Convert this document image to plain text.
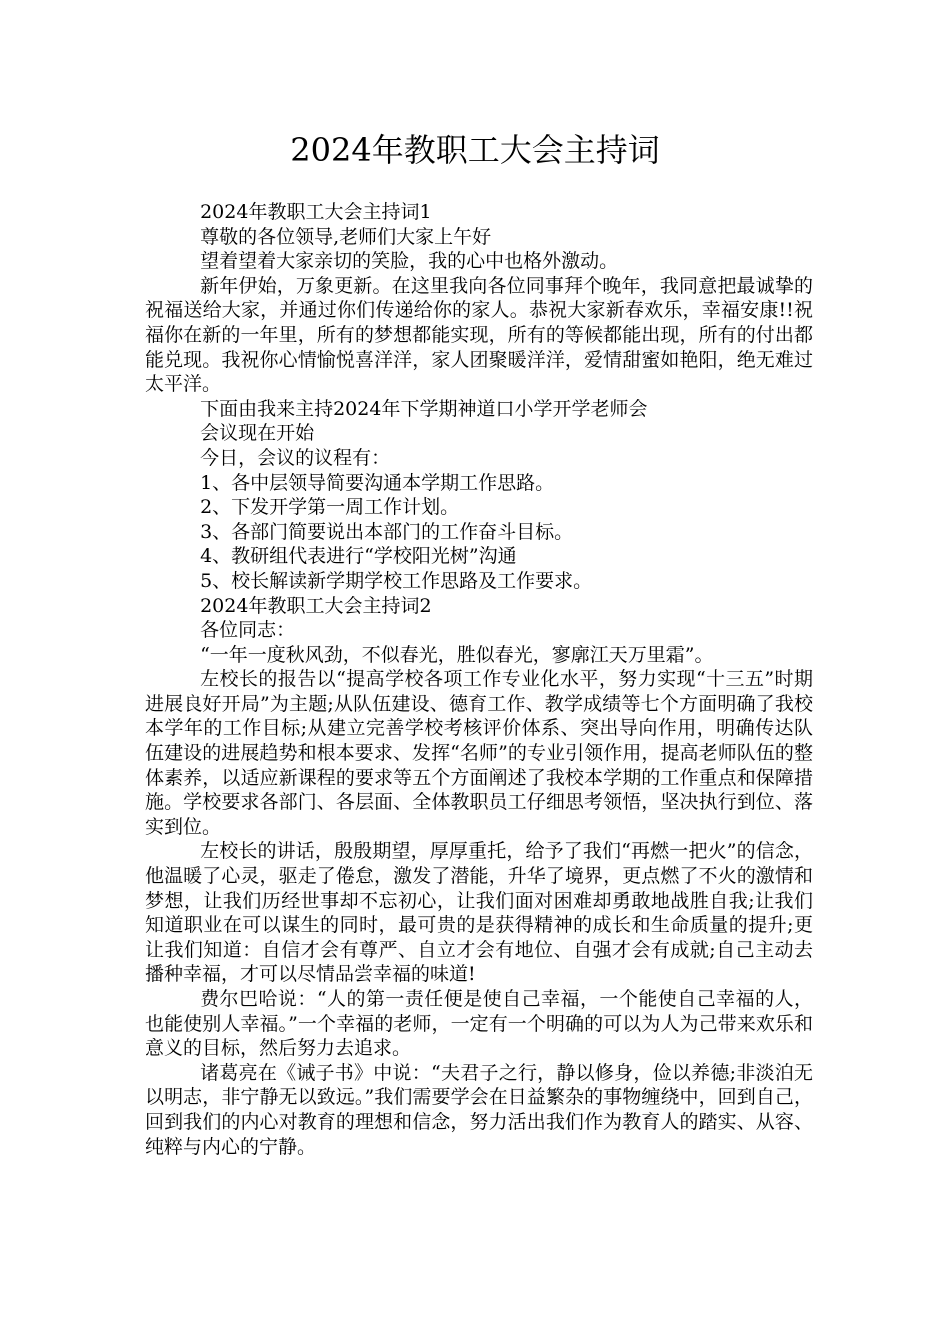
2024年教职工大会主持词

2024年教职工大会主持词1

尊敬的各位领导,老师们大家上午好

望着望着大家亲切的笑脸，我的心中也格外激动。

新年伊始，万象更新。在这里我向各位同事拜个晚年，我同意把最诚挚的祝福送给大家，并通过你们传递给你的家人。恭祝大家新春欢乐，幸福安康!!祝福你在新的一年里，所有的梦想都能实现，所有的等候都能出现，所有的付出都能兑现。我祝你心情愉悦喜洋洋，家人团聚暖洋洋，爱情甜蜜如艳阳，绝无难过太平洋。

下面由我来主持2024年下学期神道口小学开学老师会

会议现在开始

今日，会议的议程有：

1、各中层领导简要沟通本学期工作思路。

2、下发开学第一周工作计划。

3、各部门简要说出本部门的工作奋斗目标。

4、教研组代表进行“学校阳光树”沟通

5、校长解读新学期学校工作思路及工作要求。

2024年教职工大会主持词2

各位同志：

“一年一度秋风劲，不似春光，胜似春光，寥廓江天万里霜”。

左校长的报告以“提高学校各项工作专业化水平，努力实现“十三五”时期进展良好开局”为主题;从队伍建设、德育工作、教学成绩等七个方面明确了我校本学年的工作目标;从建立完善学校考核评价体系、突出导向作用，明确传达队伍建设的进展趋势和根本要求、发挥“名师”的专业引领作用，提高老师队伍的整体素养，以适应新课程的要求等五个方面阐述了我校本学期的工作重点和保障措施。学校要求各部门、各层面、全体教职员工仔细思考领悟，坚决执行到位、落实到位。

左校长的讲话，殷殷期望，厚厚重托，给予了我们“再燃一把火”的信念，他温暖了心灵，驱走了倦怠，激发了潜能，升华了境界，更点燃了不火的激情和梦想，让我们历经世事却不忘初心，让我们面对困难却勇敢地战胜自我;让我们知道职业在可以谋生的同时，最可贵的是获得精神的成长和生命质量的提升;更让我们知道：自信才会有尊严、自立才会有地位、自强才会有成就;自己主动去播种幸福，才可以尽情品尝幸福的味道!

费尔巴哈说：“人的第一责任便是使自己幸福，一个能使自己幸福的人，也能使别人幸福。”一个幸福的老师，一定有一个明确的可以为人为己带来欢乐和意义的目标，然后努力去追求。

诸葛亮在《诫子书》中说：“夫君子之行，静以修身，俭以养德;非淡泊无以明志，非宁静无以致远。”我们需要学会在日益繁杂的事物缠绕中，回到自己，回到我们的内心对教育的理想和信念，努力活出我们作为教育人的踏实、从容、纯粹与内心的宁静。
